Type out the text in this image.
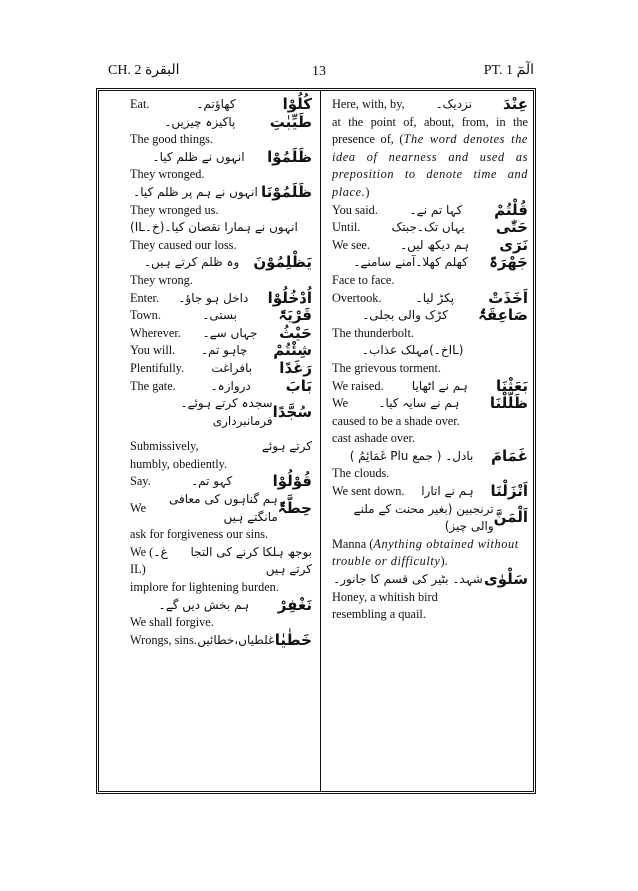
CH. 2 البقرة	13	PT. 1 الٓمٓ
Eat.	کھاؤتم۔	کُلُوْا
پاکیزہ چیزیں۔ طَیِّبٰتِ
The good things.
انہوں نے ظلم کیا۔ ظَلَمُوْا
They wronged.
انہوں نے ہم پر ظلم کیا۔ ظَلَمُوْنَا
They wronged us.
انہوں نے ہمارا نقصان کیا۔(خ۔IL)
They caused our loss.
وہ ظلم کرتے ہیں۔ یَظْلِمُوْنَ
They wrong.
Enter. داخل ہو جاؤ۔ اُدْخُلُوْا
Town.	بستی۔	قَرْیَۃَ
Wherever. جہاں سے۔ حَیْثُ
You will. چاہو تم۔ شِئْتُمْ
Plentifully. بافراغت رَغَدًا
The gate.	دروازہ۔ بَابَ
سجدہ کرتے ہوئے۔فرمانبرداری سُجَّدًا
Submissively,	کرتے ہوئے
humbly, obediently.
Say.	کہو تم۔	قُوْلُوْا
We
ہم گناہوں کی معافی مانگتے ہیں حِطَّۃٌ
ask for forgiveness our sins.
We (غ۔IL)
بوجھ ہلکا کرنے کی التجا کرتے ہیں
implore for lightening burden.
ہم بخش دیں گے۔ نَغْفِرْ
We shall forgive.
Wrongs, sins. غلطیاں،خطائیں خَطٰیٰا
Here, with, by,	نزدیک۔ عِنْدَ
at the point of, about, from, in the presence of, (The word denotes the idea of nearness and used as preposition to denote time and place.)
You said.	کہا تم نے۔ قُلْتُمْ
Until.	یہاں تک۔جبتک حَتّٰی
We see.	ہم دیکھ لیں۔ نَرَی
کھلم کھلا۔آمنے سامنے۔ جَھْرَۃً
Face to face.
Overtook.	پکڑ لیا۔ اَخَذَتْ
کڑک والی بجلی۔ صَاعِقَۃُ
The thunderbolt.
مہلک عذاب۔(خ۔IL)
The grievous torment.
We raised. ہم نے اٹھایا بَعَثْنَا
We	ہم نے سایہ کیا۔ ظَلَّلْنَا
caused to be a shade over.
cast ashade over.
بادل۔ ( جمع Plu غَمَائِمُ ) غَمَامَ
The clouds.
We sent down. ہم نے اتارا اَنْزَلْنَا
ترنجبین (بغیر محنت کے ملنے والی چیز) اَلْمَنَّ
Manna (Anything obtained without trouble or difficulty).
شہد۔ بٹیر کی قسم کا جانور۔ سَلْوٰی
Honey, a whitish bird
resembling a quail.
